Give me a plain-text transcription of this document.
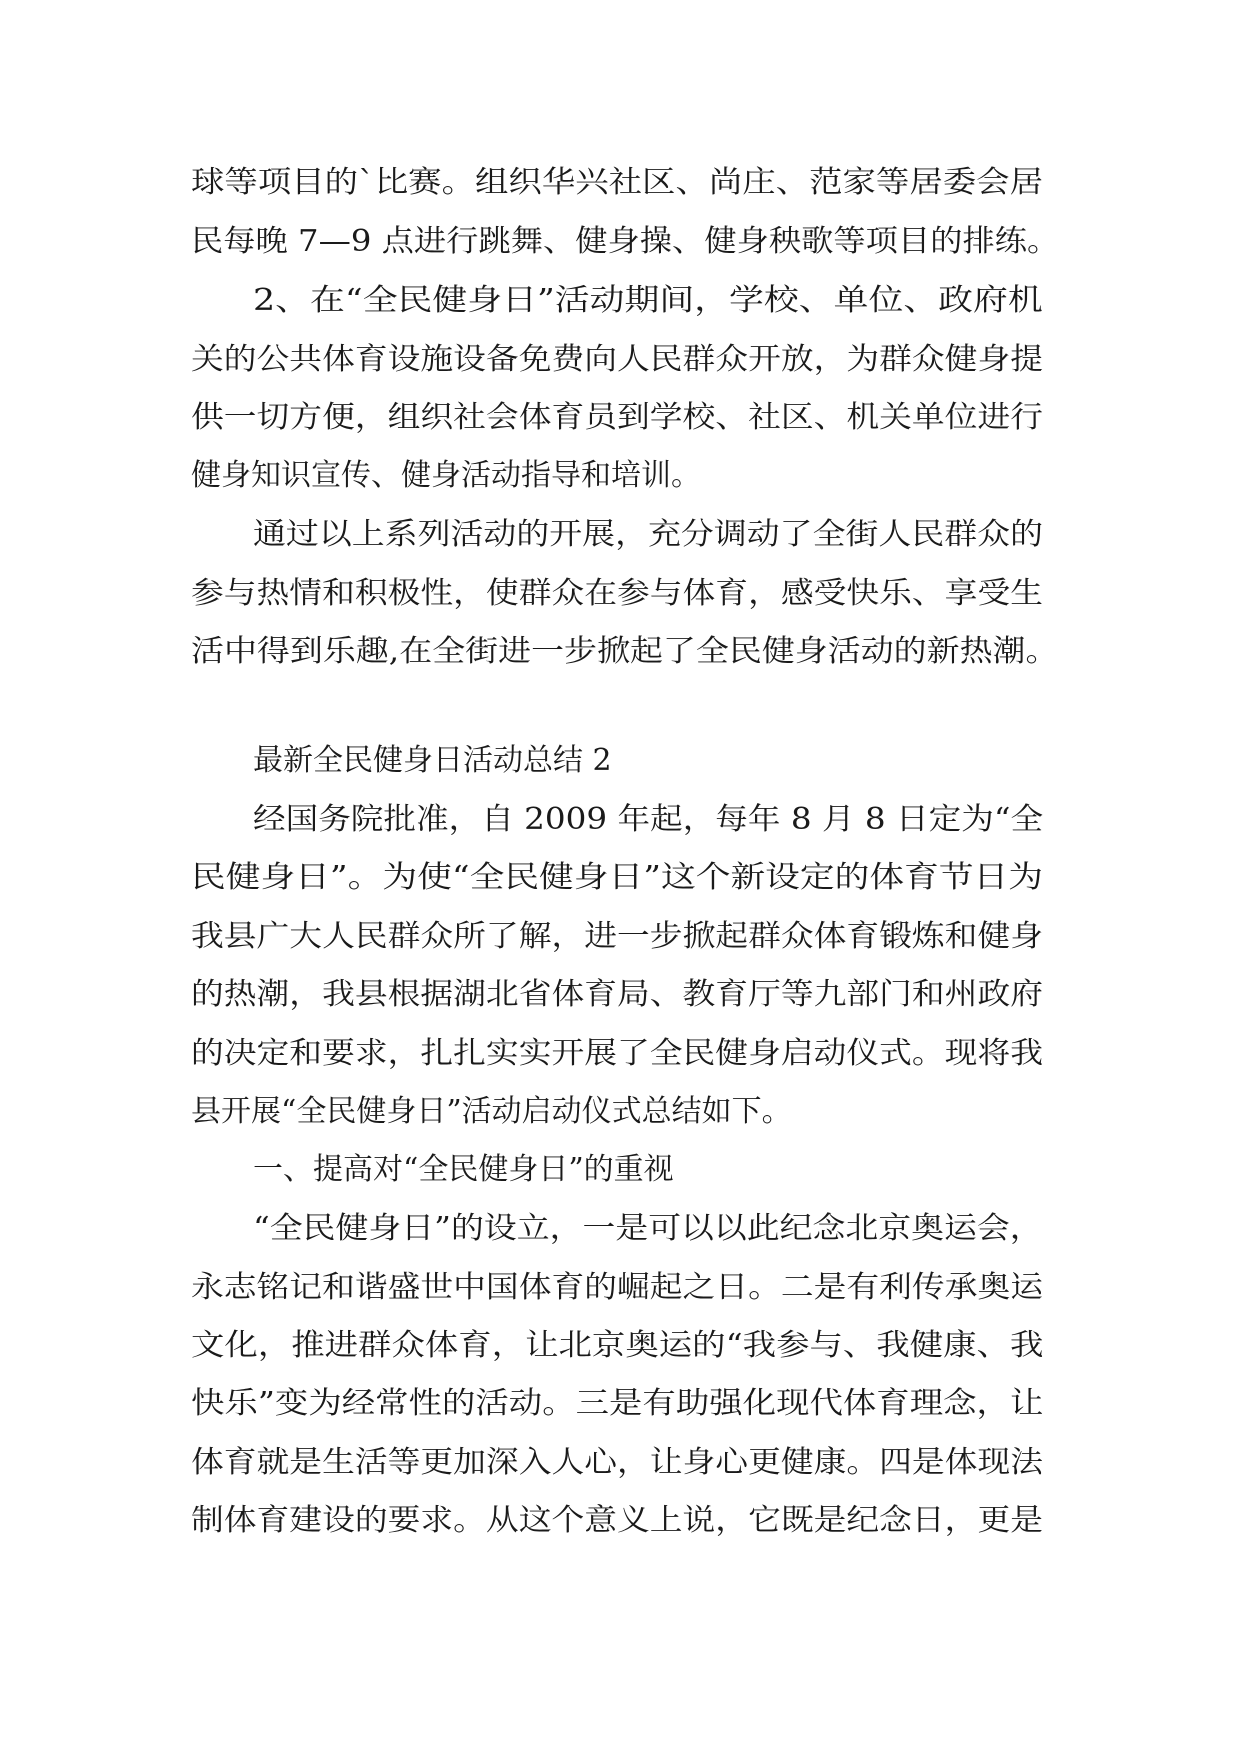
球等项目的`比赛。组织华兴社区、尚庄、范家等居委会居
民每晚 7—9 点进行跳舞、健身操、健身秧歌等项目的排练。
2、在“全民健身日”活动期间，学校、单位、政府机
关的公共体育设施设备免费向人民群众开放，为群众健身提
供一切方便，组织社会体育员到学校、社区、机关单位进行
健身知识宣传、健身活动指导和培训。
通过以上系列活动的开展，充分调动了全街人民群众的
参与热情和积极性，使群众在参与体育，感受快乐、享受生
活中得到乐趣,在全街进一步掀起了全民健身活动的新热潮。
最新全民健身日活动总结 2
经国务院批准，自 2009 年起，每年 8 月 8 日定为“全
民健身日”。为使“全民健身日”这个新设定的体育节日为
我县广大人民群众所了解，进一步掀起群众体育锻炼和健身
的热潮，我县根据湖北省体育局、教育厅等九部门和州政府
的决定和要求，扎扎实实开展了全民健身启动仪式。现将我
县开展“全民健身日”活动启动仪式总结如下。
一、提高对“全民健身日”的重视
“全民健身日”的设立，一是可以以此纪念北京奥运会，
永志铭记和谐盛世中国体育的崛起之日。二是有利传承奥运
文化，推进群众体育，让北京奥运的“我参与、我健康、我
快乐”变为经常性的活动。三是有助强化现代体育理念，让
体育就是生活等更加深入人心，让身心更健康。四是体现法
制体育建设的要求。从这个意义上说，它既是纪念日，更是
